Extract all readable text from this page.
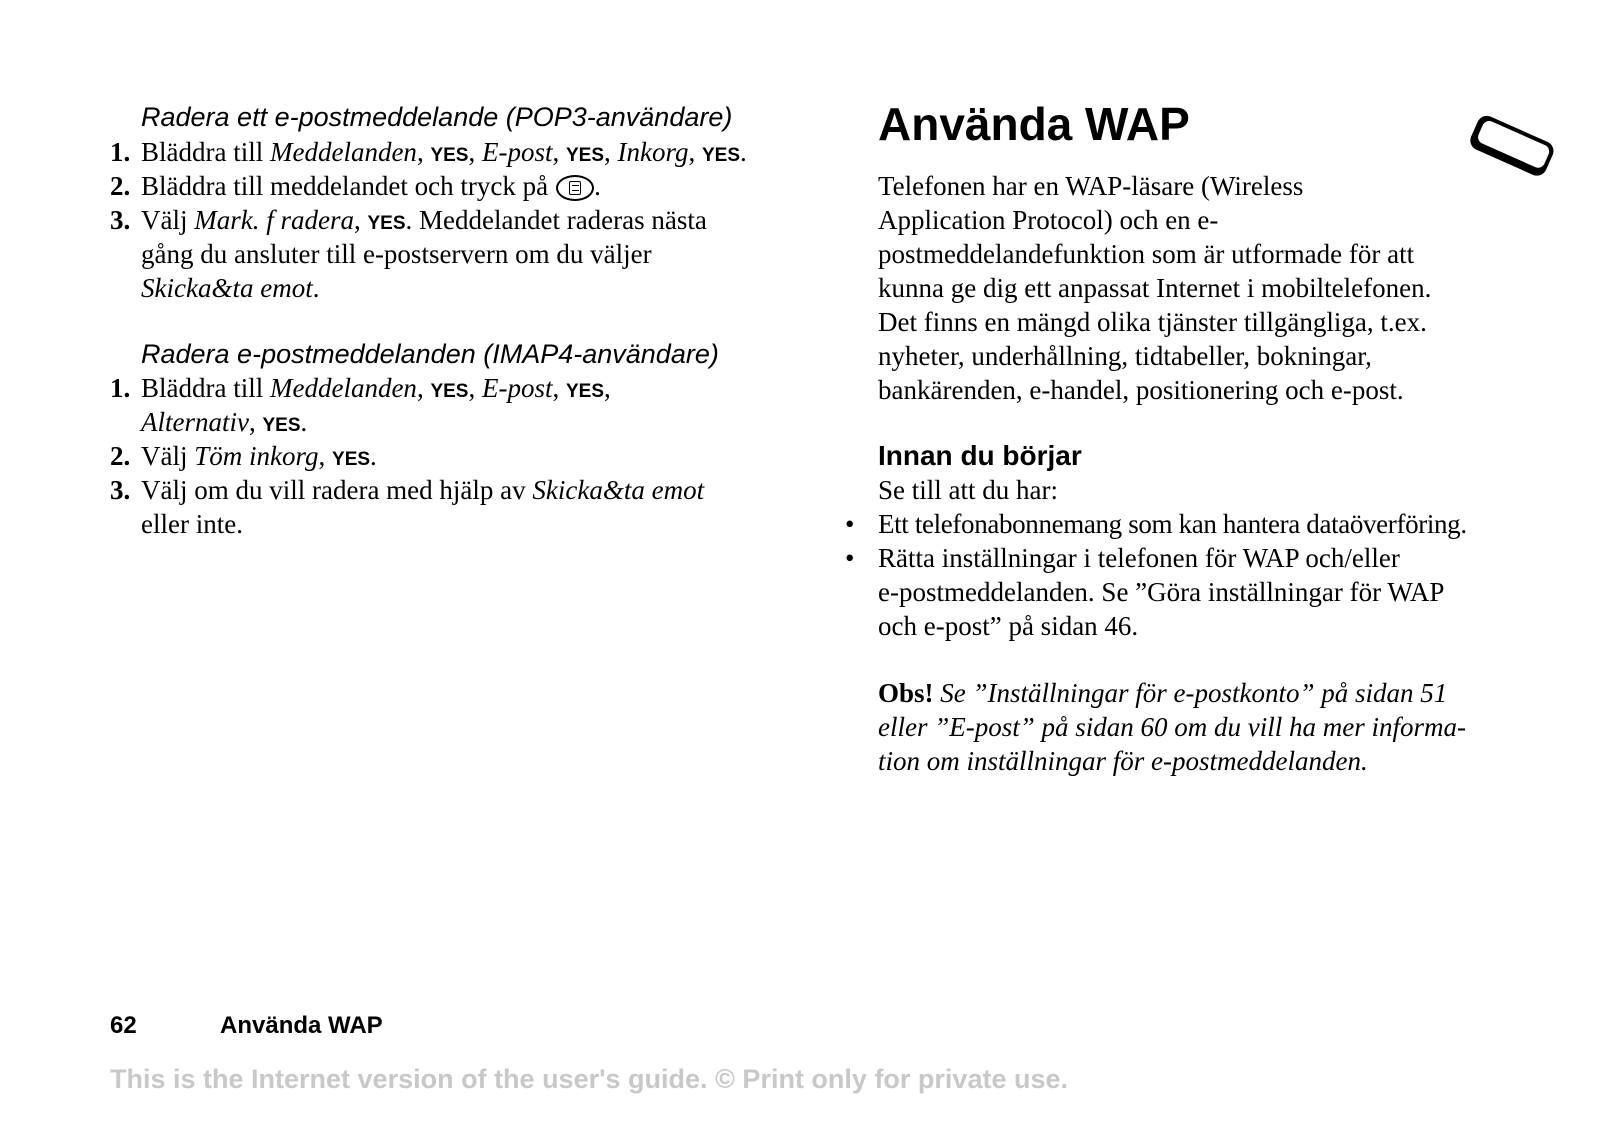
Radera ett e-postmeddelande (POP3-användare)
1. Bläddra till Meddelanden, YES, E-post, YES, Inkorg, YES.
2. Bläddra till meddelandet och tryck på .
3. Välj Mark. f radera, YES. Meddelandet raderas nästa
gång du ansluter till e-postservern om du väljer
Skicka&ta emot.
Radera e-postmeddelanden (IMAP4-användare)
1. Bläddra till Meddelanden, YES, E-post, YES,
Alternativ, YES.
2. Välj Töm inkorg, YES.
3. Välj om du vill radera med hjälp av Skicka&ta emot
eller inte.
Använda WAP
Telefonen har en WAP-läsare (Wireless
Application Protocol) och en e-
postmeddelandefunktion som är utformade för att
kunna ge dig ett anpassat Internet i mobiltelefonen.
Det finns en mängd olika tjänster tillgängliga, t.ex.
nyheter, underhållning, tidtabeller, bokningar,
bankärenden, e-handel, positionering och e-post.
Innan du börjar
Se till att du har:
• Ett telefonabonnemang som kan hantera dataöverföring.
• Rätta inställningar i telefonen för WAP och/eller
e-postmeddelanden. Se ”Göra inställningar för WAP
och e-post” på sidan 46.
Obs! Se ”Inställningar för e-postkonto” på sidan 51
eller ”E-post” på sidan 60 om du vill ha mer informa-
tion om inställningar för e-postmeddelanden.
62	Använda WAP
This is the Internet version of the user's guide. © Print only for private use.
